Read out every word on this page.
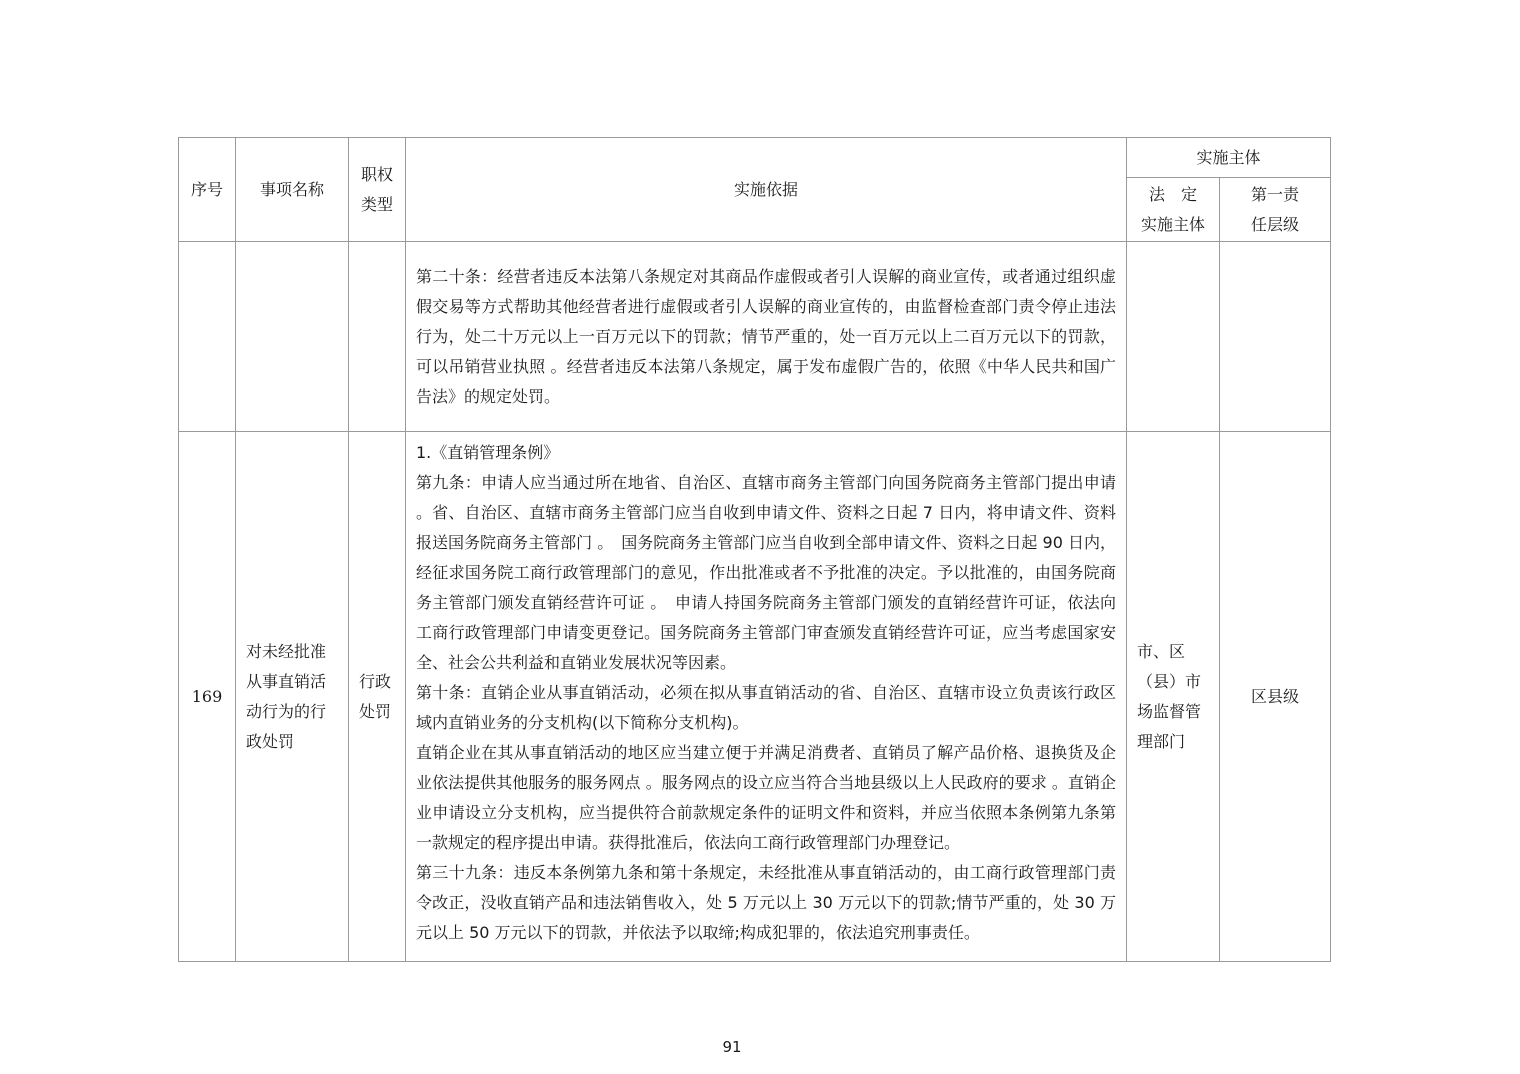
序号	事项名称	职权类型	实施依据	实施主体	
				法　定　实施主体	第一责任层级

			第二十条：经营者违反本法第八条规定对其商品作虚假或者引人误解的商业宣传，或者通过组织虚假交易等方式帮助其他经营者进行虚假或者引人误解的商业宣传的，由监督检查部门责令停止违法行为，处二十万元以上一百万元以下的罚款；情节严重的，处一百万元以上二百万元以下的罚款，可以吊销营业执照 。经营者违反本法第八条规定，属于发布虚假广告的，依照《中华人民共和国广告法》的规定处罚。		

169	对未经批准从事直销活动行为的行政处罚	行政处罚	1.《直销管理条例》

第九条：申请人应当通过所在地省、自治区、直辖市商务主管部门向国务院商务主管部门提出申请 。省、自治区、直辖市商务主管部门应当自收到申请文件、资料之日起 7 日内，将申请文件、资料报送国务院商务主管部门 。　国务院商务主管部门应当自收到全部申请文件、资料之日起 90 日内，经征求国务院工商行政管理部门的意见，作出批准或者不予批准的决定。予以批准的，由国务院商务主管部门颁发直销经营许可证 。　申请人持国务院商务主管部门颁发的直销经营许可证，依法向工商行政管理部门申请变更登记。国务院商务主管部门审查颁发直销经营许可证，应当考虑国家安全、社会公共利益和直销业发展状况等因素。

第十条：直销企业从事直销活动，必须在拟从事直销活动的省、自治区、直辖市设立负责该行政区域内直销业务的分支机构(以下简称分支机构)。

直销企业在其从事直销活动的地区应当建立便于并满足消费者、直销员了解产品价格、退换货及企业依法提供其他服务的服务网点 。服务网点的设立应当符合当地县级以上人民政府的要求 。直销企业申请设立分支机构，应当提供符合前款规定条件的证明文件和资料，并应当依照本条例第九条第一款规定的程序提出申请。获得批准后，依法向工商行政管理部门办理登记。

第三十九条：违反本条例第九条和第十条规定，未经批准从事直销活动的，由工商行政管理部门责令改正，没收直销产品和违法销售收入，处 5 万元以上 30 万元以下的罚款;情节严重的，处 30 万元以上 50 万元以下的罚款，并依法予以取缔;构成犯罪的，依法追究刑事责任。	市、区（县）市场监督管理部门	区县级
91
